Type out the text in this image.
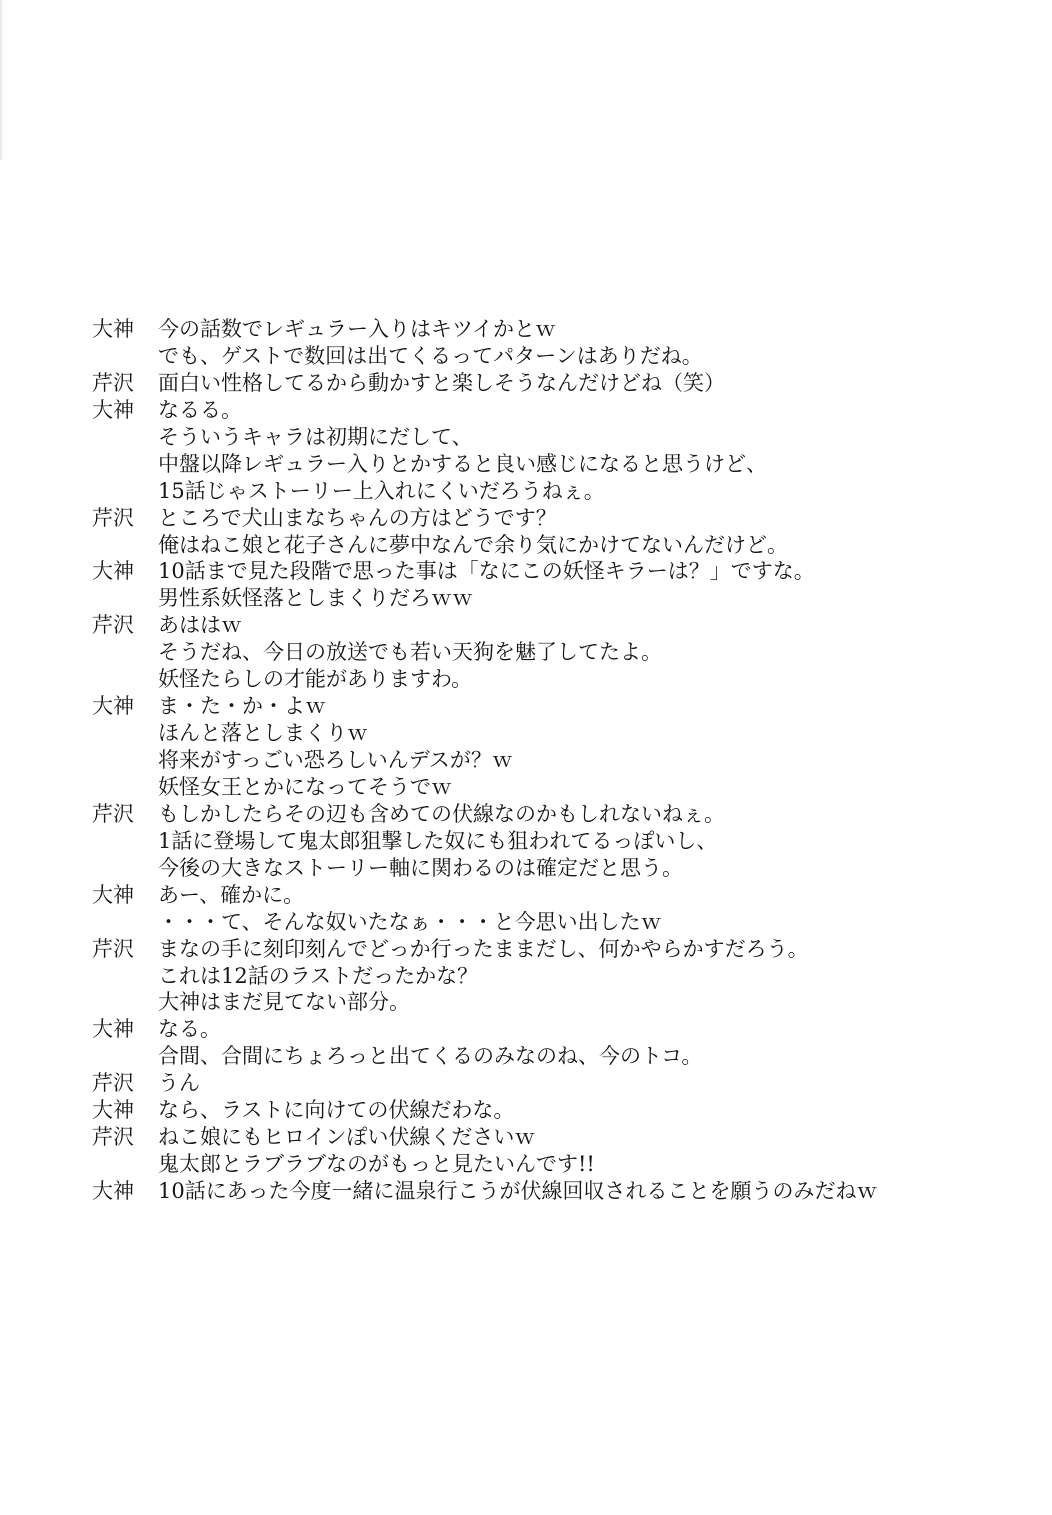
大神	今の話数でレギュラー入りはキツイかとｗ
でも、ゲストで数回は出てくるってパターンはありだね。
芹沢	面白い性格してるから動かすと楽しそうなんだけどね（笑）
大神	なるる。
そういうキャラは初期にだして、
中盤以降レギュラー入りとかすると良い感じになると思うけど、
15話じゃストーリー上入れにくいだろうねぇ。
芹沢	ところで犬山まなちゃんの方はどうです？
俺はねこ娘と花子さんに夢中なんで余り気にかけてないんだけど。
大神	10話まで見た段階で思った事は「なにこの妖怪キラーは？」ですな。
男性系妖怪落としまくりだろｗｗ
芹沢	あははｗ
そうだね、今日の放送でも若い天狗を魅了してたよ。
妖怪たらしの才能がありますわ。
大神	ま・た・か・よｗ
ほんと落としまくりｗ
将来がすっごい恐ろしいんデスが？ｗ
妖怪女王とかになってそうでｗ
芹沢	もしかしたらその辺も含めての伏線なのかもしれないねぇ。
1話に登場して鬼太郎狙撃した奴にも狙われてるっぽいし、
今後の大きなストーリー軸に関わるのは確定だと思う。
大神	あー、確かに。
・・・て、そんな奴いたなぁ・・・と今思い出したｗ
芹沢	まなの手に刻印刻んでどっか行ったままだし、何かやらかすだろう。
これは12話のラストだったかな？
大神はまだ見てない部分。
大神	なる。
合間、合間にちょろっと出てくるのみなのね、今のトコ。
芹沢	うん
大神	なら、ラストに向けての伏線だわな。
芹沢	ねこ娘にもヒロインぽい伏線くださいｗ
鬼太郎とラブラブなのがもっと見たいんです!!
大神	10話にあった今度一緒に温泉行こうが伏線回収されることを願うのみだねｗ
